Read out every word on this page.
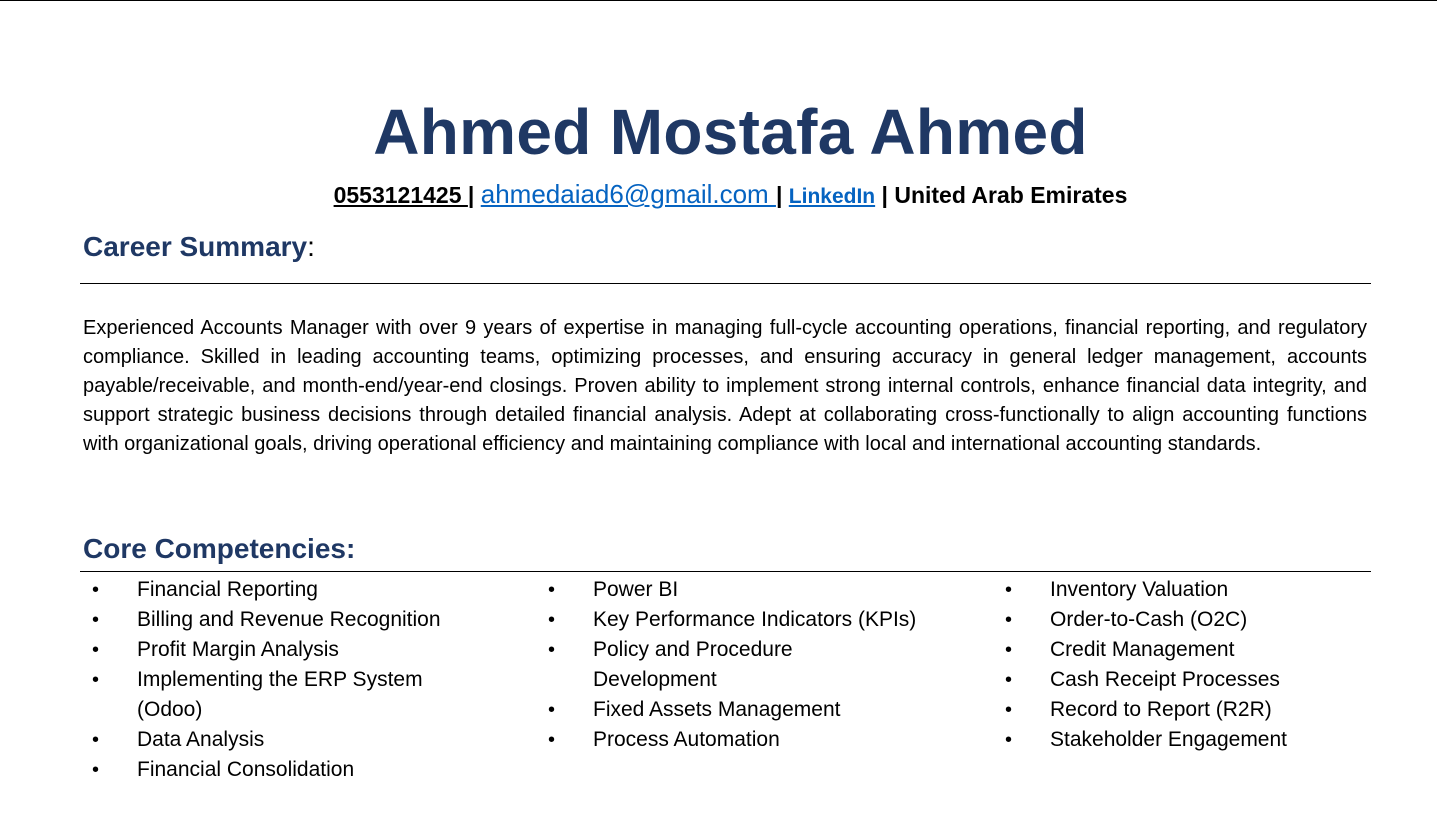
Ahmed Mostafa Ahmed
0553121425 | ahmedaiad6@gmail.com | LinkedIn | United Arab Emirates
Career Summary:
Experienced Accounts Manager with over 9 years of expertise in managing full-cycle accounting operations, financial reporting, and regulatory compliance. Skilled in leading accounting teams, optimizing processes, and ensuring accuracy in general ledger management, accounts payable/receivable, and month-end/year-end closings. Proven ability to implement strong internal controls, enhance financial data integrity, and support strategic business decisions through detailed financial analysis. Adept at collaborating cross-functionally to align accounting functions with organizational goals, driving operational efficiency and maintaining compliance with local and international accounting standards.
Core Competencies:
• Financial Reporting
• Billing and Revenue Recognition
• Profit Margin Analysis
• Implementing the ERP System (Odoo)
• Data Analysis
• Financial Consolidation
• Power BI
• Key Performance Indicators (KPIs)
• Policy and Procedure Development
• Fixed Assets Management
• Process Automation
• Inventory Valuation
• Order-to-Cash (O2C)
• Credit Management
• Cash Receipt Processes
• Record to Report (R2R)
• Stakeholder Engagement
